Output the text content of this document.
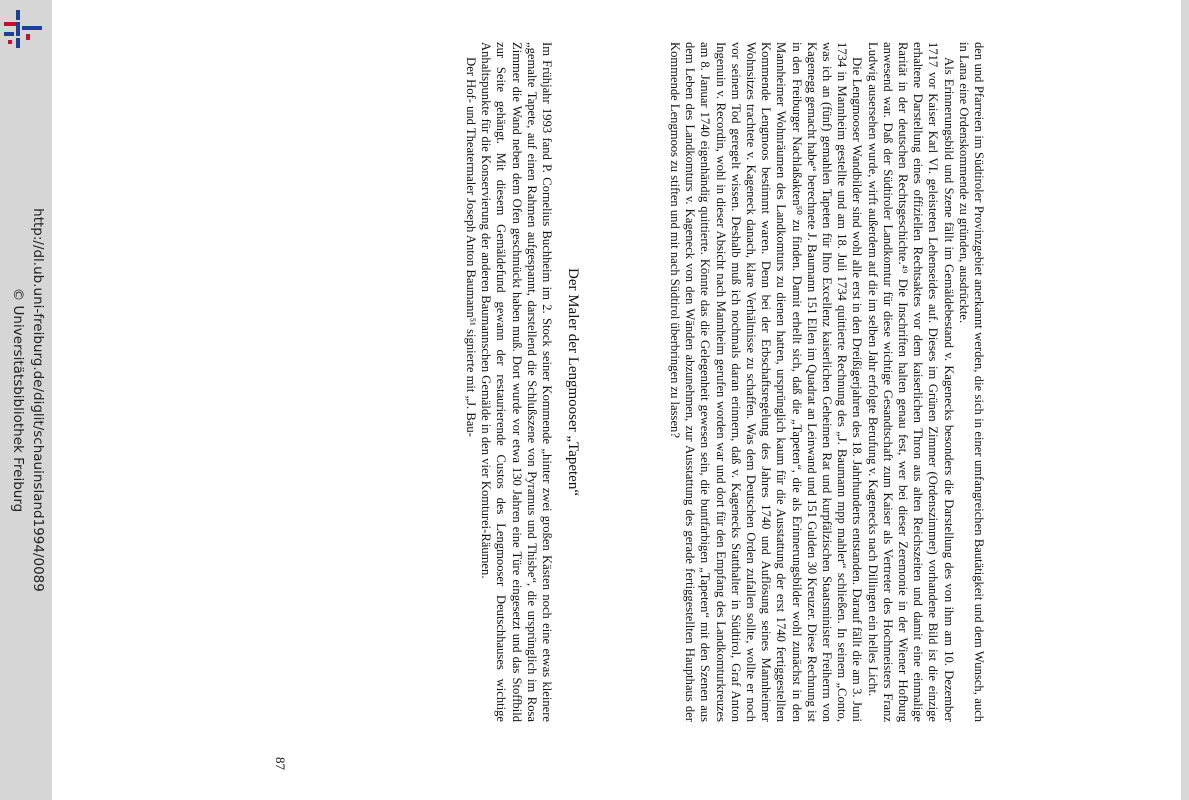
http://dl.ub.uni-freiburg.de/diglit/schauinsland1994/0089
© Universitätsbibliothek Freiburg	den und Pfarreien im Südtiroler Provinzgebiet anerkannt werden, die sich in einer umfangreichen Bautätigkeit und dem Wunsch, auch in Lana eine Ordenskommende zu gründen, ausdrückte.

Als Erinnerungsbild und Szene fällt im Gemäldebestand v. Kagenecks besonders die Darstellung des von ihm am 10. Dezember 1717 vor Kaiser Karl VI. geleisteten Lehenseides auf. Dieses im Grünen Zimmer (Ordenszimmer) vorhandene Bild ist die einzige erhaltene Darstellung eines offiziellen Rechtsaktes vor dem kaiserlichen Thron aus alten Reichszeiten und damit eine einmalige Rarität in der deutschen Rechtsgeschichte.⁴⁹ Die Inschriften halten genau fest, wer bei dieser Zeremonie in der Wiener Hofburg anwesend war. Daß der Südtiroler Landkomtur für diese wichtige Gesandtschaft zum Kaiser als Vertreter des Hochmeisters Franz Ludwig ausersehen wurde, wirft außerdem auf die im selben Jahr erfolgte Berufung v. Kagenecks nach Dillingen ein helles Licht.

Die Lengmooser Wandbilder sind wohl alle erst in den Dreißigerjahren des 18. Jahrhunderts entstanden. Darauf fällt die am 3. Juni 1734 in Mannheim gestellte und am 18. Juli 1734 quittierte Rechnung des „J. Baumann mpp mahler“ schließen. In seinem „Conto, was ich an (fünf) gemahlen Tapeten für Ihro Excellenz kaiserlichen Geheimen Rat und kurpfälzischen Staatsminister Freiherrn von Kagenegg gemacht habe“ berechnete J. Baumann 151 Ellen im Quadrat an Leinwand und 151 Gulden 30 Kreuzer. Diese Rechnung ist in den Freiburger Nachlaßakten⁵⁰ zu finden. Damit erhellt sich, daß die „Tapeten“, die als Erinnerungsbilder wohl zunächst in den Mannheimer Wohnräumen des Landkomturs zu dienen hatten, ursprünglich kaum für die Ausstattung der erst 1740 fertiggestellten Kommende Lengmoos bestimmt waren. Denn bei der Erbschaftsregelung des Jahres 1740 und Auflösung seines Mannheimer Wohnsitzes trachtete v. Kageneck danach, klare Verhältnisse zu schaffen. Was dem Deutschen Orden zufallen sollte, wollte er noch vor seinem Tod geregelt wissen. Deshalb muß ich nochmals daran erinnern, daß v. Kagenecks Statthalter in Südtirol, Graf Anton Ingenuin v. Recordin, wohl in dieser Absicht nach Mannheim gerufen worden war und dort für den Empfang des Landkomturkreuzes am 8. Januar 1740 eigenhändig quittierte. Könnte das die Gelegenheit gewesen sein, die buntfarbigen „Tapeten“ mit den Szenen aus dem Leben des Landkomturs v. Kageneck von den Wänden abzunehmen, zur Ausstattung des gerade fertiggestellten Haupthaus der Kommende Lengmoos zu stiften und mit nach Südtirol überbringen zu lassen?

Der Maler der Lengmooser „Tapeten“

Im Frühjahr 1993 fand P. Cornelius Buchheim im 2. Stock seiner Kommende „hinter zwei großen Kästen noch eine etwas kleinere „gemalte Tapete, auf einen Rahmen aufgespannt, darstellend die Schlußszene von Pyramus und Thisbe“, die ursprünglich im Rosa Zimmer die Wand neben dem Ofen geschmückt haben muß. Dort wurde vor etwa 130 Jahren eine Türe eingesetzt und das Stoffbild zur Seite gehängt. Mit diesem Gemäldefund gewann der restaurierende Custos des Lengmooser Deutschhauses wichtige Anhaltspunkte für die Konservierung der anderen Baumannschen Gemälde in den vier Komturei-Räumen.

Der Hof- und Theatermaler Joseph Anton Baumann⁵¹ signierte mit „J. Bau-

87
